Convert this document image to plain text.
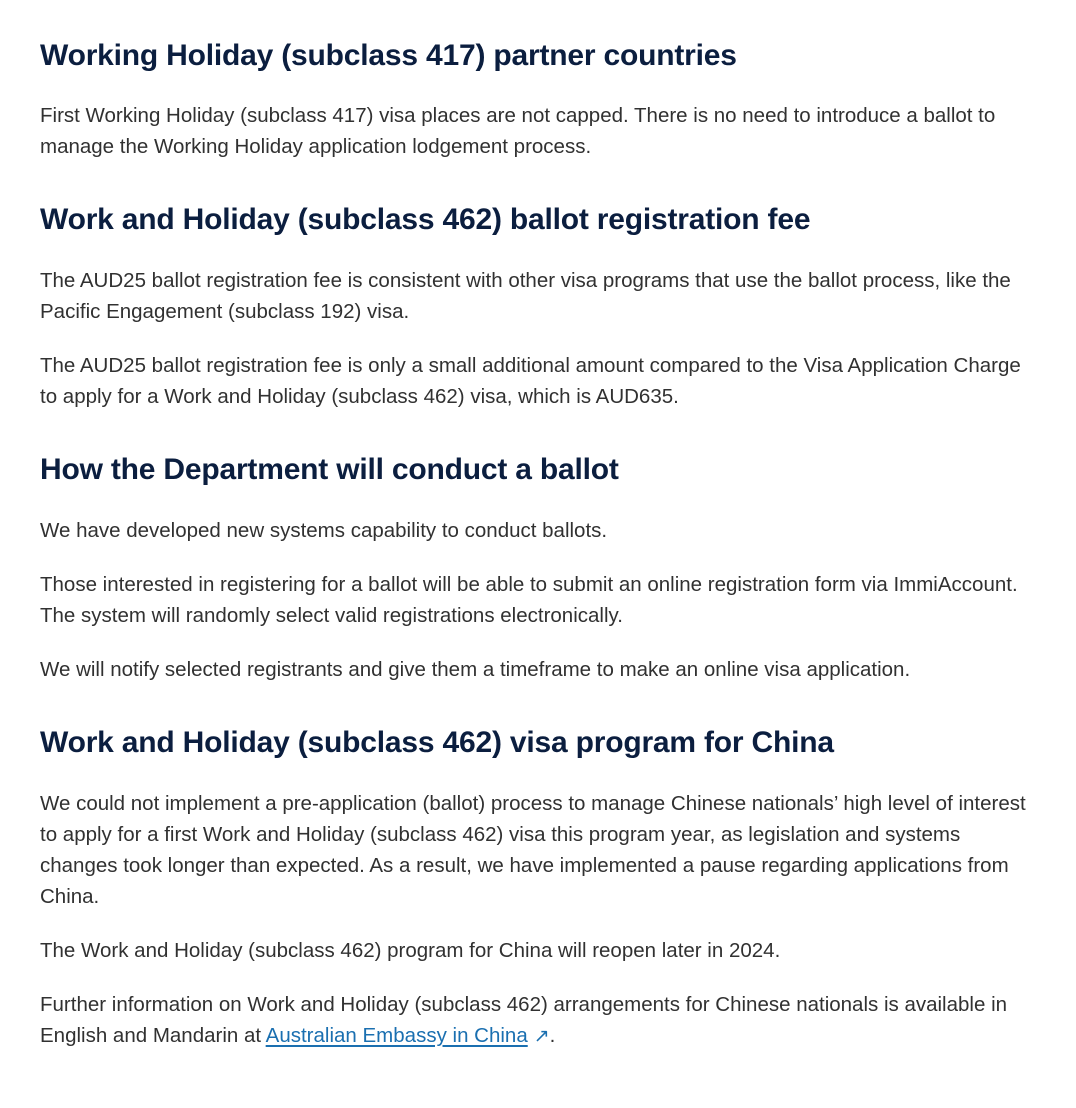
Working Holiday (subclass 417) partner countries

First Working Holiday (subclass 417) visa places are not capped. There is no need to introduce a ballot to manage the Working Holiday application lodgement process.

Work and Holiday (subclass 462) ballot registration fee

The AUD25 ballot registration fee is consistent with other visa programs that use the ballot process, like the Pacific Engagement (subclass 192) visa.

The AUD25 ballot registration fee is only a small additional amount compared to the Visa Application Charge to apply for a Work and Holiday (subclass 462) visa, which is AUD635.

How the Department will conduct a ballot

We have developed new systems capability to conduct ballots.

Those interested in registering for a ballot will be able to submit an online registration form via ImmiAccount. The system will randomly select valid registrations electronically.

We will notify selected registrants and give them a timeframe to make an online visa application.

Work and Holiday (subclass 462) visa program for China

We could not implement a pre-application (ballot) process to manage Chinese nationals’ high level of interest to apply for a first Work and Holiday (subclass 462) visa this program year, as legislation and systems changes took longer than expected. As a result, we have implemented a pause regarding applications from China.

The Work and Holiday (subclass 462) program for China will reopen later in 2024.

Further information on Work and Holiday (subclass 462) arrangements for Chinese nationals is available in English and Mandarin at Australian Embassy in China ↗.
